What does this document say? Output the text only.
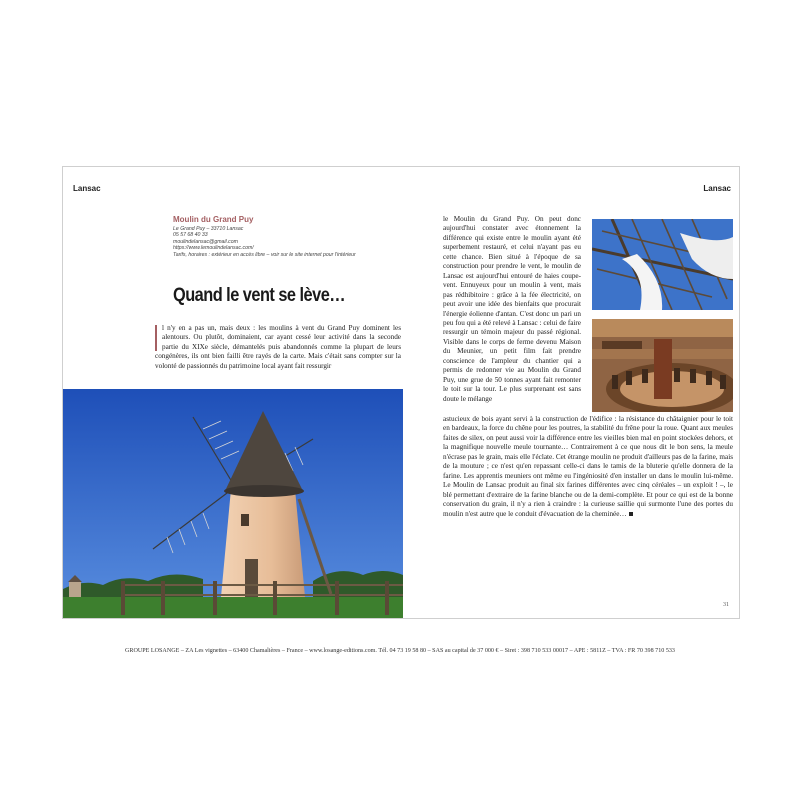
Lansac	Lansac
Moulin du Grand Puy
Le Grand Puy – 33710 Lansac
05 57 68 40 33
moulindelansac@gmail.com
https://www.lemoulindelansac.com/
Tarifs, horaires : extérieur en accès libre – voir sur le site internet pour l'intérieur
Quand le vent se lève…
l n'y en a pas un, mais deux : les moulins à vent du Grand Puy dominent les alentours. Ou plutôt, dominaient, car ayant cessé leur activité dans la seconde partie du XIXe siècle, démantelés puis abandonnés comme la plupart de leurs congénères, ils ont bien failli être rayés de la carte. Mais c'était sans compter sur la volonté de passionnés du patrimoine local ayant fait ressurgir
le Moulin du Grand Puy. On peut donc aujourd'hui constater avec étonnement la différence qui existe entre le moulin ayant été superbement restauré, et celui n'ayant pas eu cette chance. Bien situé à l'époque de sa construction pour prendre le vent, le moulin de Lansac est aujourd'hui entouré de haies coupe-vent. Ennuyeux pour un moulin à vent, mais pas rédhibitoire : grâce à la fée électricité, on peut avoir une idée des bienfaits que procurait l'énergie éolienne d'antan. C'est donc un pari un peu fou qui a été relevé à Lansac : celui de faire ressurgir un témoin majeur du passé régional. Visible dans le corps de ferme devenu Maison du Meunier, un petit film fait prendre conscience de l'ampleur du chantier qui a permis de redonner vie au Moulin du Grand Puy, une grue de 50 tonnes ayant fait remonter le toit sur la tour. Le plus surprenant est sans doute le mélange
astucieux de bois ayant servi à la construction de l'édifice : la résistance du châtaignier pour le toit en bardeaux, la force du chêne pour les poutres, la stabilité du frêne pour la roue. Quant aux meules faites de silex, on peut aussi voir la différence entre les vieilles bien mal en point stockées dehors, et la magnifique nouvelle meule tournante… Contrairement à ce que nous dit le bon sens, la meule n'écrase pas le grain, mais elle l'éclate. Cet étrange moulin ne produit d'ailleurs pas de la farine, mais de la mouture ; ce n'est qu'en repassant celle-ci dans le tamis de la bluterie qu'elle donnera de la farine. Les apprentis meuniers ont même eu l'ingéniosité d'en installer un dans le moulin lui-même. Le Moulin de Lansac produit au final six farines différentes avec cinq céréales – un exploit ! –, le blé permettant d'extraire de la farine blanche ou de la demi-complète. Et pour ce qui est de la bonne conservation du grain, il n'y a rien à craindre : la curieuse saillie qui surmonte l'une des portes du moulin n'est autre que le conduit d'évacuation de la cheminée…
31
GROUPE LOSANGE – ZA Les vignettes – 63400 Chamalières – France – www.losange-editions.com. Tél. 04 73 19 58 80 – SAS au capital de 37 000 € – Siret : 398 710 533 00017 – APE : 5811Z – TVA : FR 70 398 710 533
